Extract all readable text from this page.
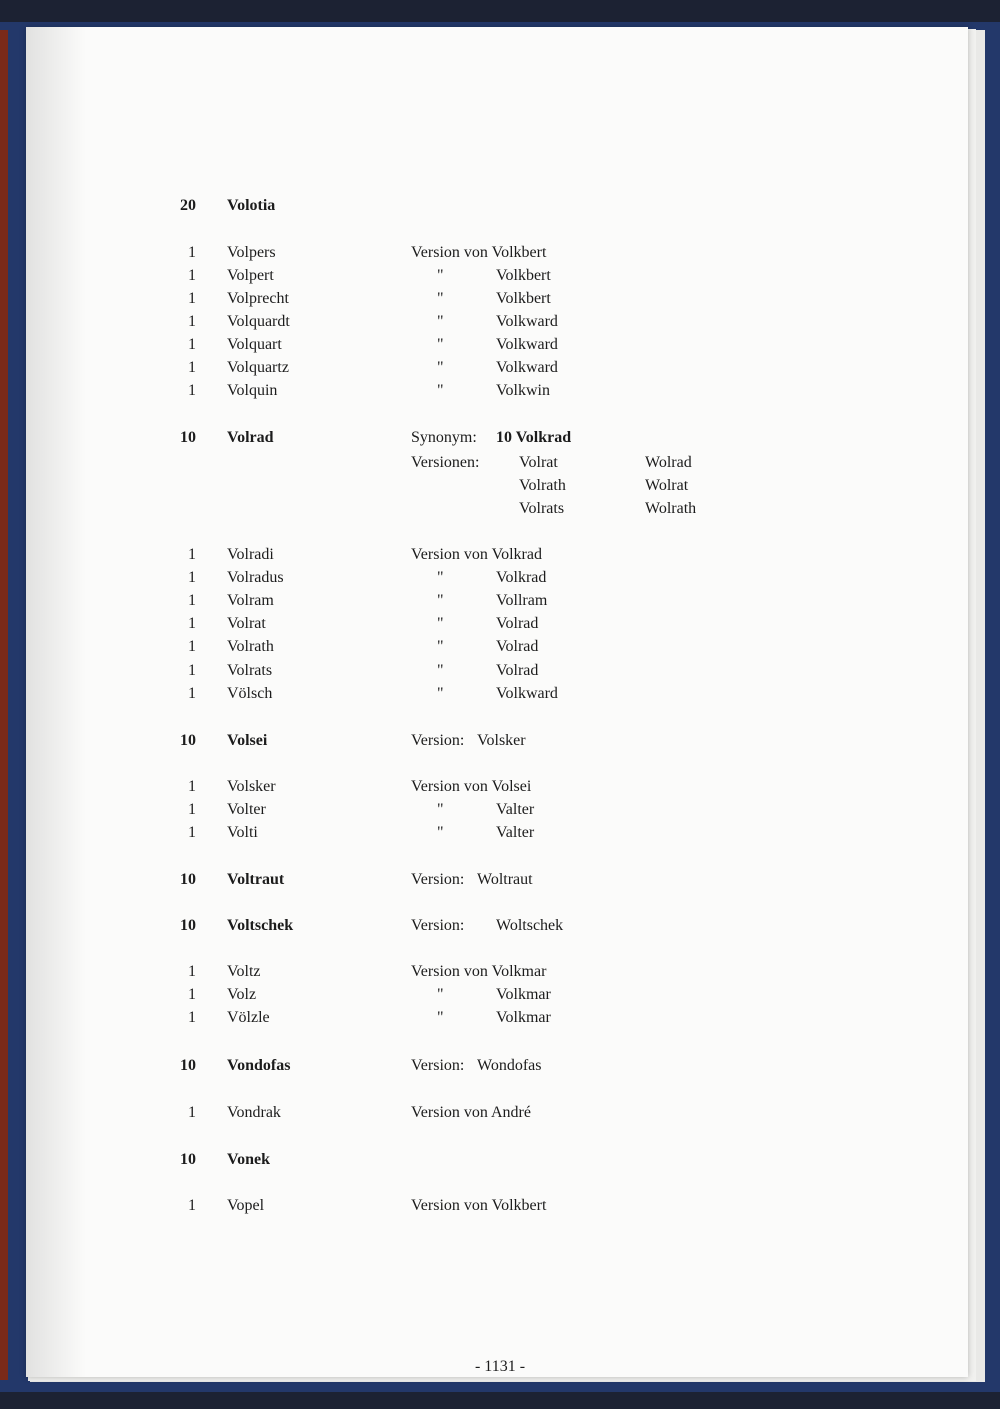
20 Volotia
1 Volpers	Version von Volkbert
1 Volpert	"	Volkbert
1 Volprecht	"	Volkbert
1 Volquardt	"	Volkward
1 Volquart	"	Volkward
1 Volquartz	"	Volkward
1 Volquin	"	Volkwin
10 Volrad	Synonym: 10 Volkrad
Versionen: Volrat	Wolrad
Volrath	Wolrat
Volrats	Wolrath
1 Volradi	Version von Volkrad
1 Volradus	"	Volkrad
1 Volram	"	Vollram
1 Volrat	"	Volrad
1 Volrath	"	Volrad
1 Volrats	"	Volrad
1 Völsch	"	Volkward
10 Volsei	Version: Volsker
1 Volsker	Version von Volsei
1 Volter	"	Valter
1 Volti	"	Valter
10 Voltraut	Version: Woltraut
10 Voltschek	Version: Woltschek
1 Voltz	Version von Volkmar
1 Volz	"	Volkmar
1 Völzle	"	Volkmar
10 Vondofas	Version: Wondofas
1 Vondrak	Version von André
10 Vonek
1 Vopel	Version von Volkbert
- 1131 -
